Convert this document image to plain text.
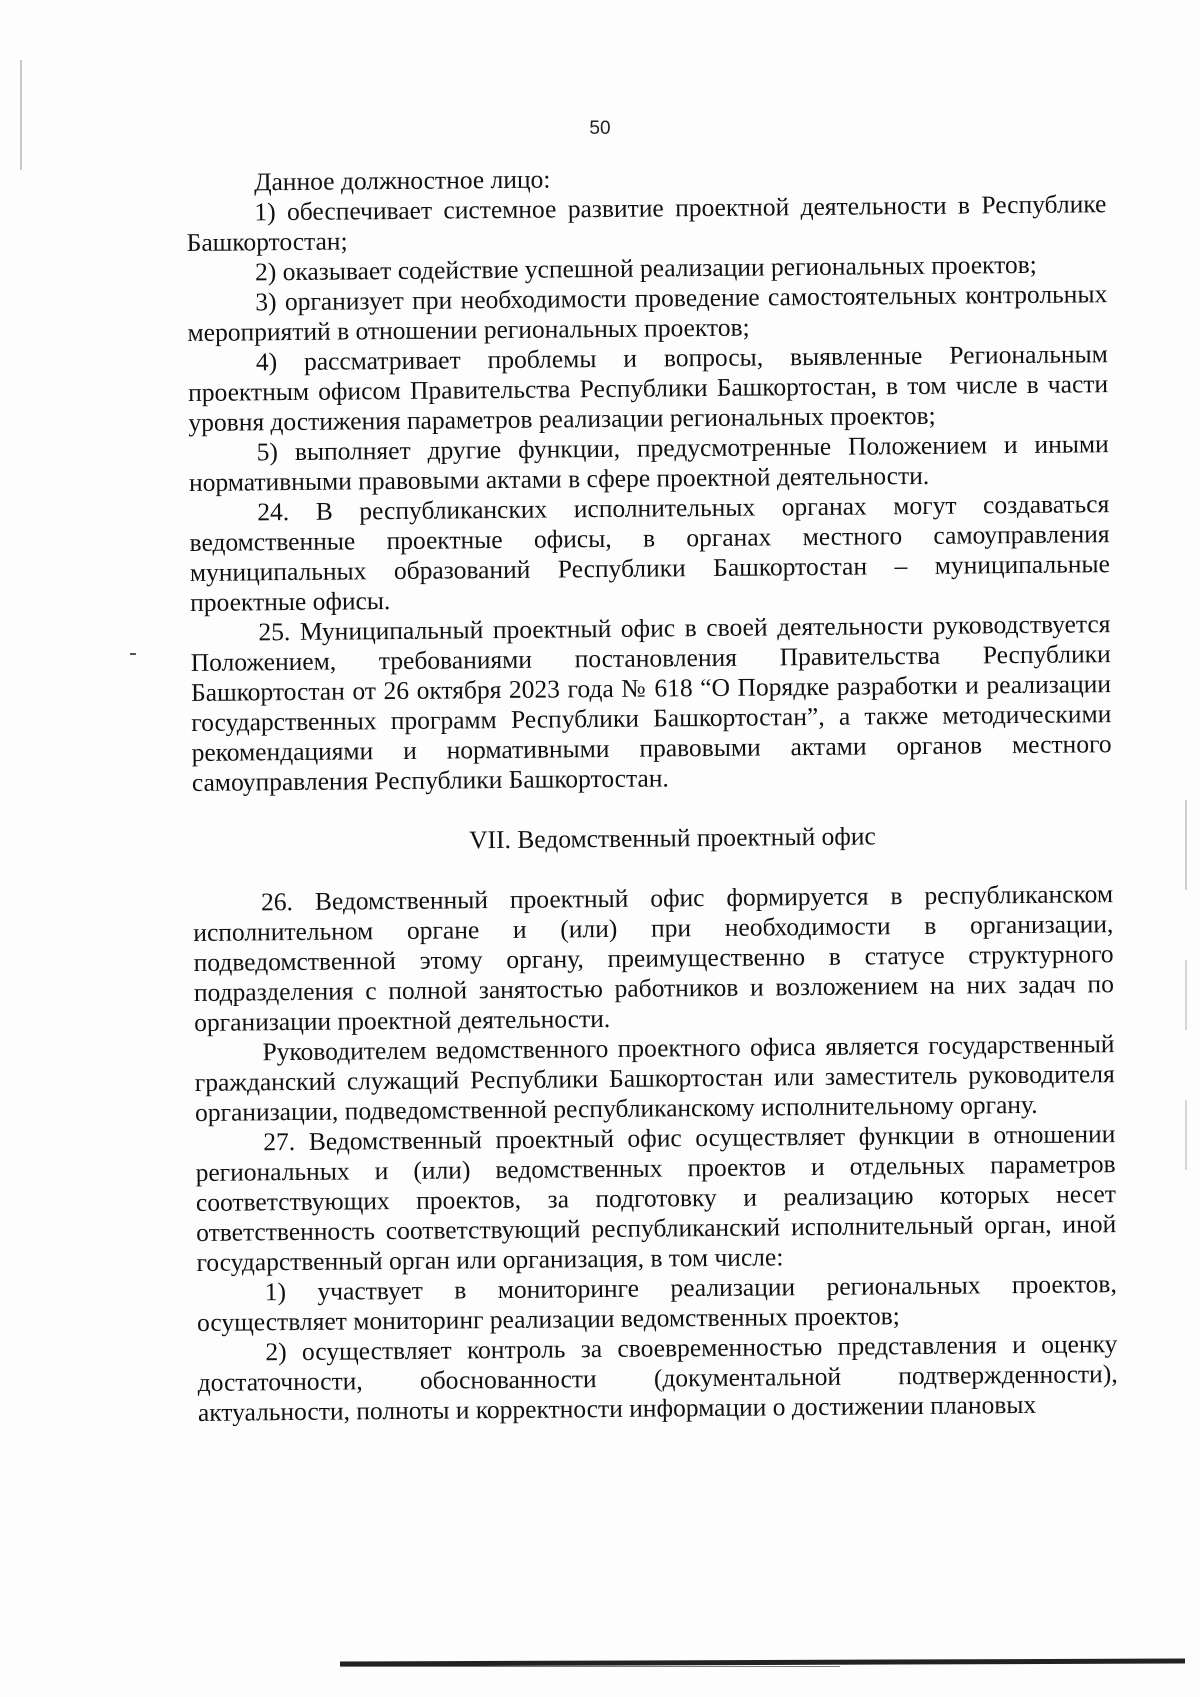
50

Данное должностное лицо:

1) обеспечивает системное развитие проектной деятельности в Республике Башкортостан;

2) оказывает содействие успешной реализации региональных проектов;

3) организует при необходимости проведение самостоятельных контрольных мероприятий в отношении региональных проектов;

4) рассматривает проблемы и вопросы, выявленные Региональным проектным офисом Правительства Республики Башкортостан, в том числе в части уровня достижения параметров реализации региональных проектов;

5) выполняет другие функции, предусмотренные Положением и иными нормативными правовыми актами в сфере проектной деятельности.

24. В республиканских исполнительных органах могут создаваться ведомственные проектные офисы, в органах местного самоуправления муниципальных образований Республики Башкортостан – муниципальные проектные офисы.

25. Муниципальный проектный офис в своей деятельности руководствуется Положением, требованиями постановления Правительства Республики Башкортостан от 26 октября 2023 года № 618 “О Порядке разработки и реализации государственных программ Республики Башкортостан”, а также методическими рекомендациями и нормативными правовыми актами органов местного самоуправления Республики Башкортостан.

VII. Ведомственный проектный офис

26. Ведомственный проектный офис формируется в республиканском исполнительном органе и (или) при необходимости в организации, подведомственной этому органу, преимущественно в статусе структурного подразделения с полной занятостью работников и возложением на них задач по организации проектной деятельности.

Руководителем ведомственного проектного офиса является государственный гражданский служащий Республики Башкортостан или заместитель руководителя организации, подведомственной республиканскому исполнительному органу.

27. Ведомственный проектный офис осуществляет функции в отношении региональных и (или) ведомственных проектов и отдельных параметров соответствующих проектов, за подготовку и реализацию которых несет ответственность соответствующий республиканский исполнительный орган, иной государственный орган или организация, в том числе:

1) участвует в мониторинге реализации региональных проектов, осуществляет мониторинг реализации ведомственных проектов;

2) осуществляет контроль за своевременностью представления и оценку достаточности, обоснованности (документальной подтвержденности), актуальности, полноты и корректности информации о достижении плановых
